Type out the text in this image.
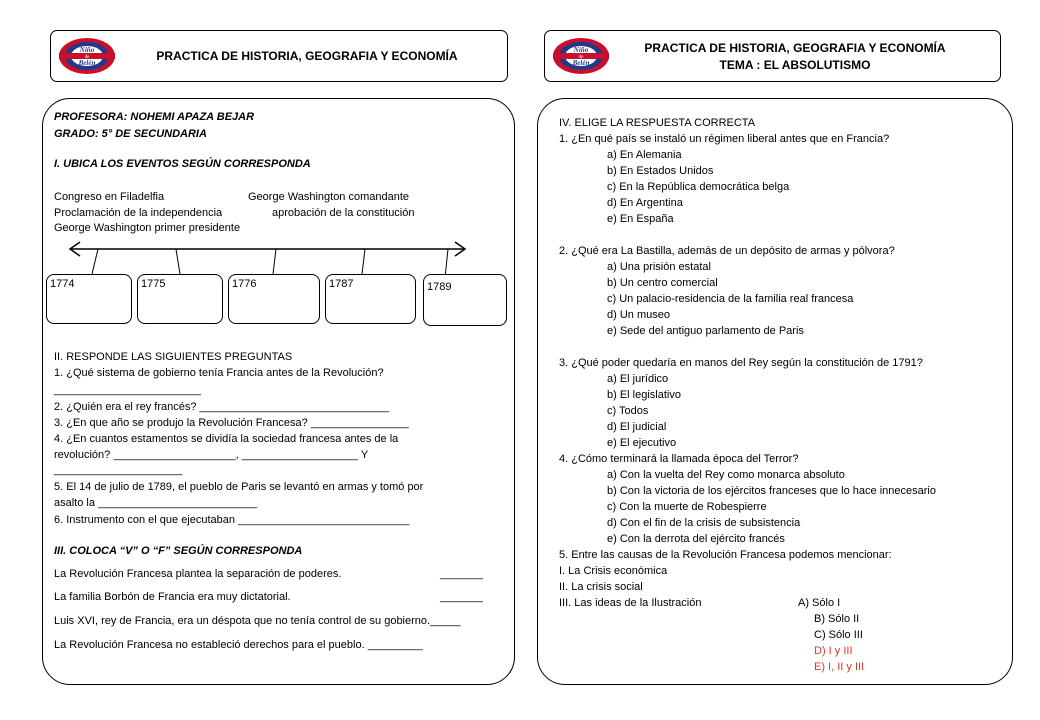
Niño
de
Belén	PRACTICA DE HISTORIA, GEOGRAFIA Y ECONOMÍA	Niño
de
Belén
PRACTICA DE HISTORIA, GEOGRAFIA Y ECONOMÍA
TEMA : EL ABSOLUTISMO
PROFESORA: NOHEMI APAZA BEJAR
GRADO: 5° DE SECUNDARIA
I. UBICA LOS EVENTOS SEGÚN CORRESPONDA
Congreso en Filadelfia	George Washington comandante
Proclamación de la independencia	aprobación de la constitución
George Washington primer presidente
1774	1775	1776	1787	1789
II. RESPONDE LAS SIGUIENTES PREGUNTAS
1. ¿Qué sistema de gobierno tenía Francia antes de la Revolución?
________________________
2. ¿Quién era el rey francés? _______________________________
3. ¿En que año se produjo la Revolución Francesa? ________________
4. ¿En cuantos estamentos se dividía la sociedad francesa antes de la
revolución? ____________________, ___________________ Y
_____________________
5. El 14 de julio de 1789, el pueblo de Paris se levantó en armas y tomó por
asalto la __________________________
6. Instrumento con el que ejecutaban ____________________________
III. COLOCA “V” O “F” SEGÚN CORRESPONDA
La Revolución Francesa plantea la separación de poderes.	_______
La familia Borbón de Francia era muy dictatorial.	_______
Luis XVI, rey de Francia, era un déspota que no tenía control de su gobierno._____
La Revolución Francesa no estableció derechos para el pueblo. _________
IV. ELIGE LA RESPUESTA CORRECTA
1. ¿En qué país se instaló un régimen liberal antes que en Francia?
a) En Alemania
b) En Estados Unidos
c) En la República democrática belga
d) En Argentina
e) En España
2. ¿Qué era La Bastilla, además de un depósito de armas y pólvora?
a) Una prisión estatal
b) Un centro comercial
c) Un palacio-residencia de la familia real francesa
d) Un museo
e) Sede del antiguo parlamento de Paris
3. ¿Qué poder quedaría en manos del Rey según la constitución de 1791?
a) El jurídico
b) El legislativo
c) Todos
d) El judicial
e) El ejecutivo
4. ¿Cómo terminará la llamada época del Terror?
a) Con la vuelta del Rey como monarca absoluto
b) Con la victoria de los ejércitos franceses que lo hace innecesario
c) Con la muerte de Robespierre
d) Con el fin de la crisis de subsistencia
e) Con la derrota del ejército francés
5. Entre las causas de la Revolución Francesa podemos mencionar:
I. La Crisis económica
II. La crisis social
III. Las ideas de la Ilustración	A) Sólo I
B) Sólo II
C) Sólo III
D) I y III
E) I, II y III
